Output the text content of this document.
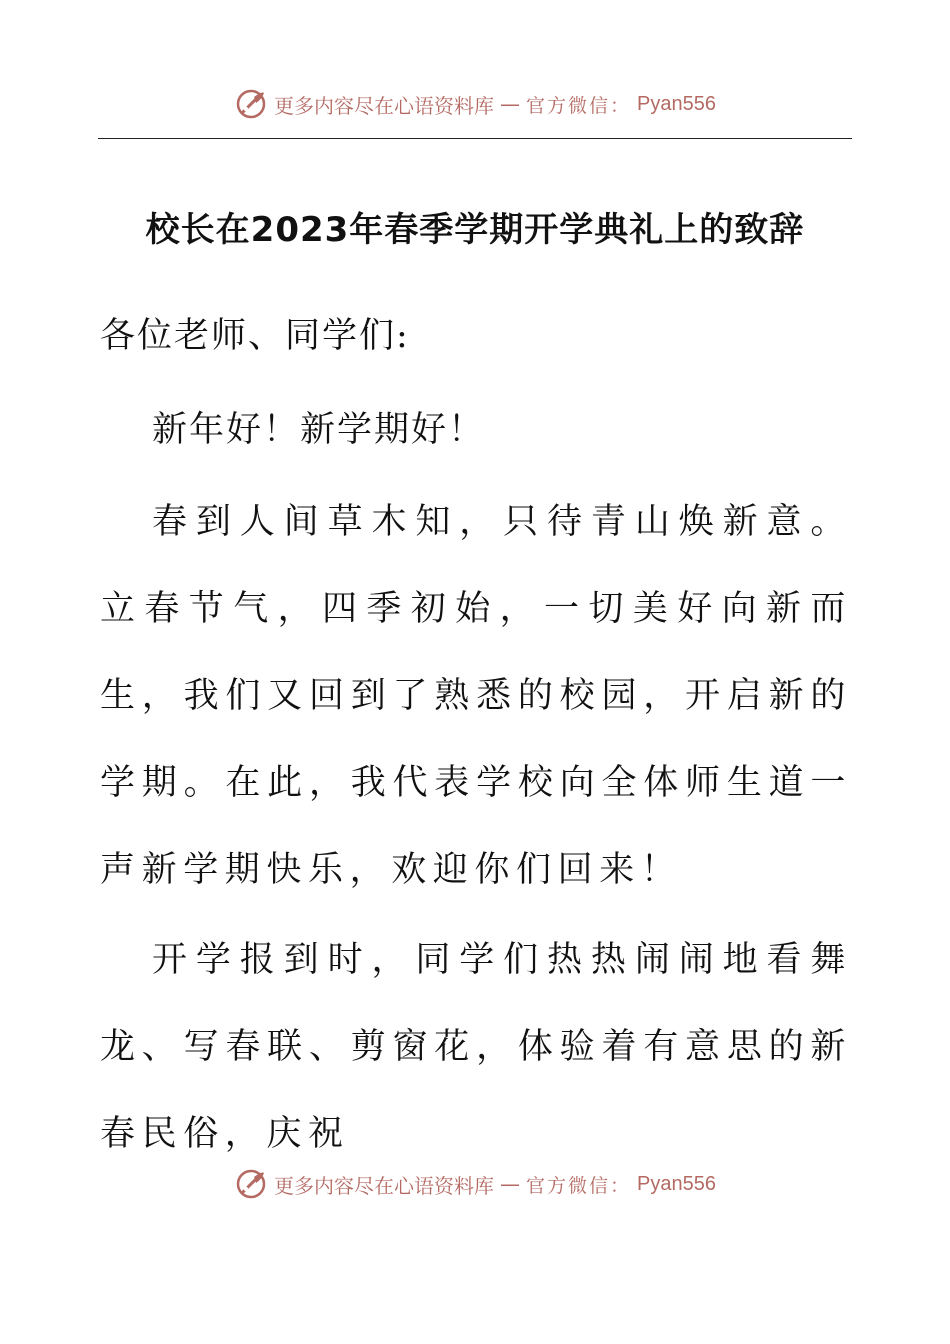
更多内容尽在心语资料库 — 官方微信： Pyan556
校长在2023年春季学期开学典礼上的致辞

各位老师、同学们:

新年好！新学期好！

春到人间草木知，只待青山焕新意。立春节气，四季初始，一切美好向新而生，我们又回到了熟悉的校园，开启新的学期。在此，我代表学校向全体师生道一声新学期快乐，欢迎你们回来！

开学报到时，同学们热热闹闹地看舞龙、写春联、剪窗花，体验着有意思的新春民俗，庆祝

更多内容尽在心语资料库 — 官方微信： Pyan556
